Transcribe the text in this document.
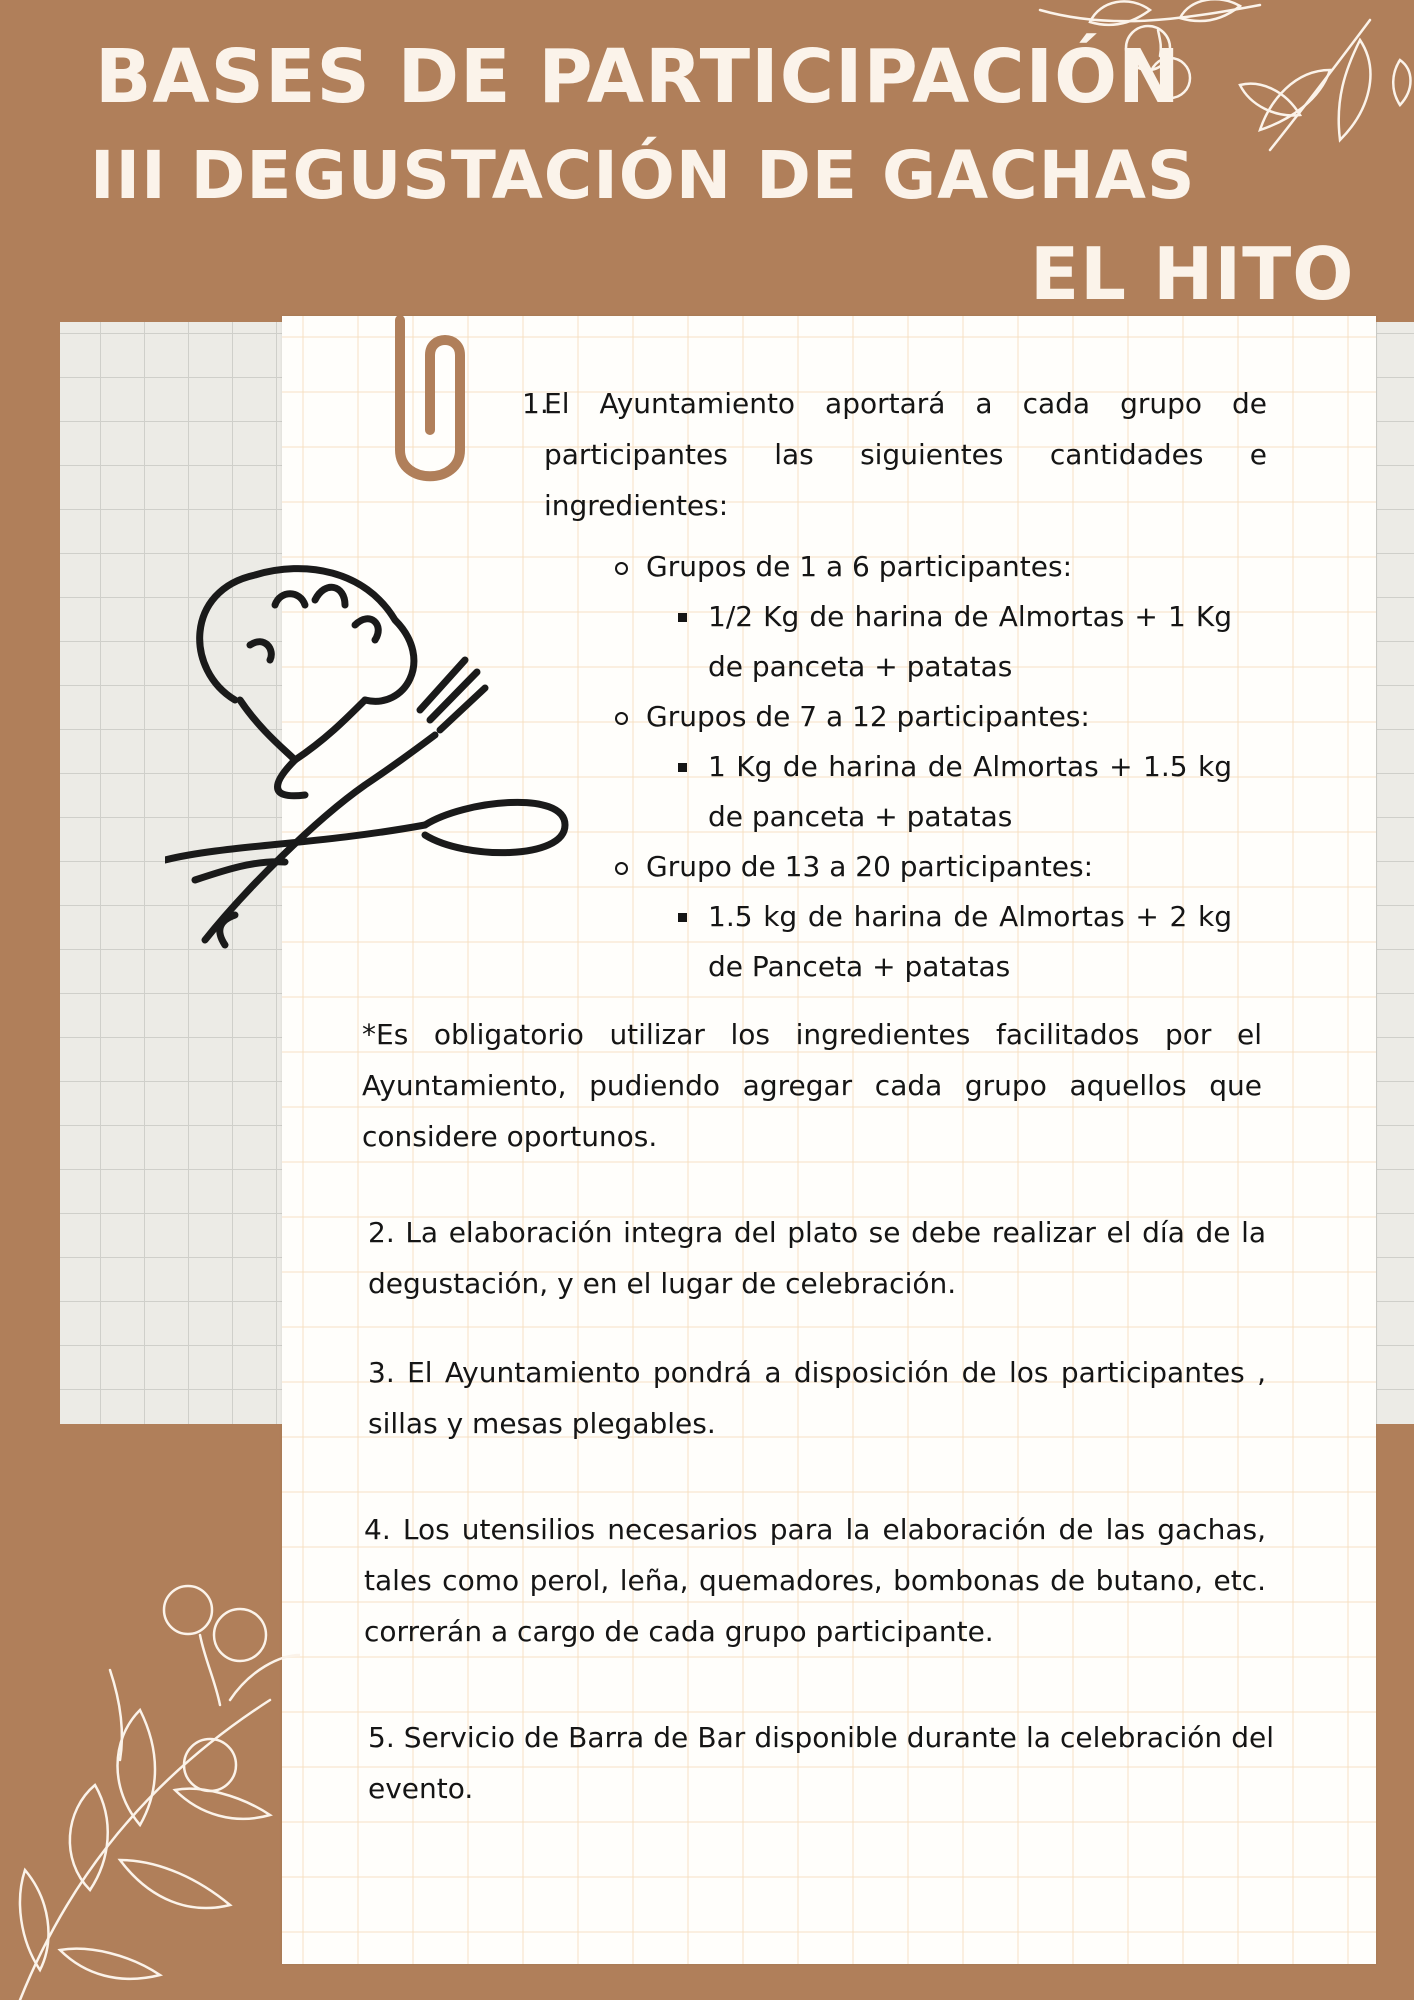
BASES DE PARTICIPACIÓN
III DEGUSTACIÓN DE GACHAS
EL HITO
1.

El Ayuntamiento aportará a cada grupo de participantes las siguientes cantidades e ingredientes:

Grupos de 1 a 6 participantes:
1/2 Kg de harina de Almortas + 1 Kg de panceta + patatas
Grupos de 7 a 12 participantes:
1 Kg de harina de Almortas + 1.5 kg de panceta + patatas
Grupo de 13 a 20 participantes:
1.5 kg de harina de Almortas + 2 kg de Panceta + patatas

*Es obligatorio utilizar los ingredientes facilitados por el Ayuntamiento, pudiendo agregar cada grupo aquellos que considere oportunos.

2. La elaboración integra del plato se debe realizar el día de la degustación, y en el lugar de celebración.

3. El Ayuntamiento pondrá a disposición de los participantes , sillas y mesas plegables.

4. Los utensilios necesarios para la elaboración de las gachas, tales como perol, leña, quemadores, bombonas de butano, etc. correrán a cargo de cada grupo participante.

5. Servicio de Barra de Bar disponible durante la celebración del evento.
